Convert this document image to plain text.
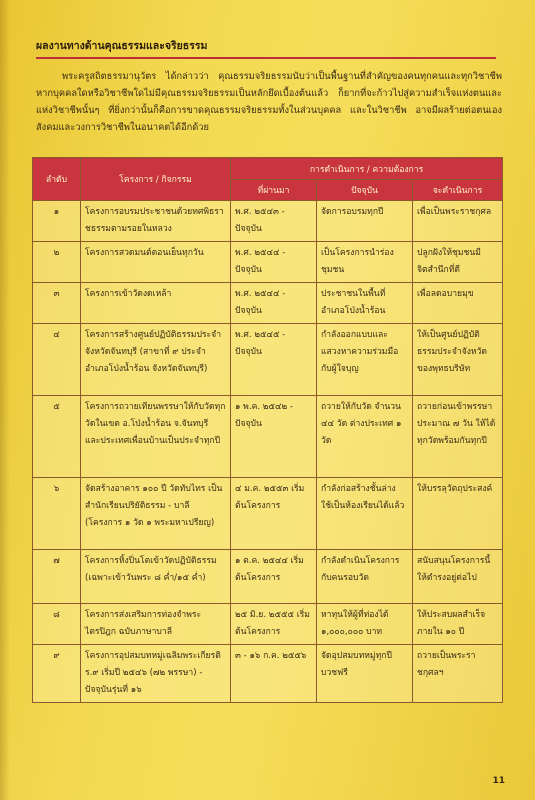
ผลงานทางด้านคุณธรรมและจริยธรรม

พระครูสถิตธรรมานุวัตร ได้กล่าวว่า คุณธรรมจริยธรรมนับว่าเป็นพื้นฐานที่สำคัญของคนทุกคนและทุกวิชาชีพ หากบุคคลใดหรือวิชาชีพใดไม่มีคุณธรรมจริยธรรมเป็นหลักยึดเบื้องต้นแล้ว ก็ยากที่จะก้าวไปสู่ความสำเร็จแห่งตนและแห่งวิชาชีพนั้นๆ ที่ยิ่งกว่านั้นก็คือการขาดคุณธรรมจริยธรรมทั้งในส่วนบุคคล และในวิชาชีพ อาจมีผลร้ายต่อตนเอง สังคมและวงการวิชาชีพในอนาคตได้อีกด้วย

ลำดับ	โครงการ / กิจกรรม	การดำเนินการ / ความต้องการ		
		ที่ผ่านมา	ปัจจุบัน	จะดำเนินการ
๑	โครงการอบรมประชาชนด้วยทศพิธราชธรรมตามรอยในหลวง	พ.ศ. ๒๕๔๓ - ปัจจุบัน	จัดการอบรมทุกปี	เพื่อเป็นพระราชกุศล
๒	โครงการสวดมนต์ตอนเย็นทุกวัน	พ.ศ. ๒๕๔๔ - ปัจจุบัน	เป็นโครงการนำร่องชุมชน	ปลูกฝังให้ชุมชนมีจิตสำนึกที่ดี
๓	โครงการเข้าวัดงดเหล้า	พ.ศ. ๒๕๔๔ - ปัจจุบัน	ประชาชนในพื้นที่อำเภอโป่งน้ำร้อน	เพื่อลดอบายมุข
๔	โครงการสร้างศูนย์ปฏิบัติธรรมประจำจังหวัดจันทบุรี (สาขาที่ ๙ ประจำอำเภอโป่งน้ำร้อน จังหวัดจันทบุรี)	พ.ศ. ๒๕๔๕ - ปัจจุบัน	กำลังออกแบบและแสวงหาความร่วมมือกับผู้ใจบุญ	ให้เป็นศูนย์ปฏิบัติธรรมประจำจังหวัดของพุทธบริษัท
๕	โครงการถวายเทียนพรรษาให้กับวัดทุกวัดในเขต อ.โป่งน้ำร้อน จ.จันทบุรี และประเทศเพื่อนบ้านเป็นประจำทุกปี	๑ พ.ค. ๒๕๔๒ - ปัจจุบัน	ถวายให้กับวัด จำนวน ๔๔ วัด ต่างประเทศ ๑ วัด	ถวายก่อนเข้าพรรษาประมาณ ๗ วัน ให้ได้ทุกวัดพร้อมกันทุกปี
๖	จัดสร้างอาคาร ๑๐๐ ปี วัดทับไทร เป็นสำนักเรียนปริยัติธรรม - บาลี (โครงการ ๑ วัด ๑ พระมหาเปรียญ)	๔ ม.ค. ๒๕๕๓ เริ่มต้นโครงการ	กำลังก่อสร้างชั้นล่าง ใช้เป็นห้องเรียนได้แล้ว	ให้บรรลุวัตถุประสงค์
๗	โครงการหิ้งปิ่นโตเข้าวัดปฏิบัติธรรม (เฉพาะเข้าวันพระ ๘ ค่ำ/๑๕ ค่ำ)	๑ ต.ค. ๒๕๔๔ เริ่มต้นโครงการ	กำลังดำเนินโครงการกับคนรอบวัด	สนับสนุนโครงการนี้ให้ดำรงอยู่ต่อไป
๘	โครงการส่งเสริมการท่องจำพระไตรปิฎก ฉบับภาษาบาลี	๒๕ มิ.ย. ๒๕๕๕ เริ่มต้นโครงการ	หาทุนให้ผู้ที่ท่องได้ ๑,๐๐๐,๐๐๐ บาท	ให้ประสบผลสำเร็จภายใน ๑๐ ปี
๙	โครงการอุปสมบทหมู่เฉลิมพระเกียรติ ร.๙ เริ่มปี ๒๕๔๖ (๗๒ พรรษา) - ปัจจุบันรุ่นที่ ๑๖	๓ - ๑๖ ก.ค. ๒๕๕๖	จัดอุปสมบทหมู่ทุกปี บวชฟรี	ถวายเป็นพระราชกุศลฯ
11
